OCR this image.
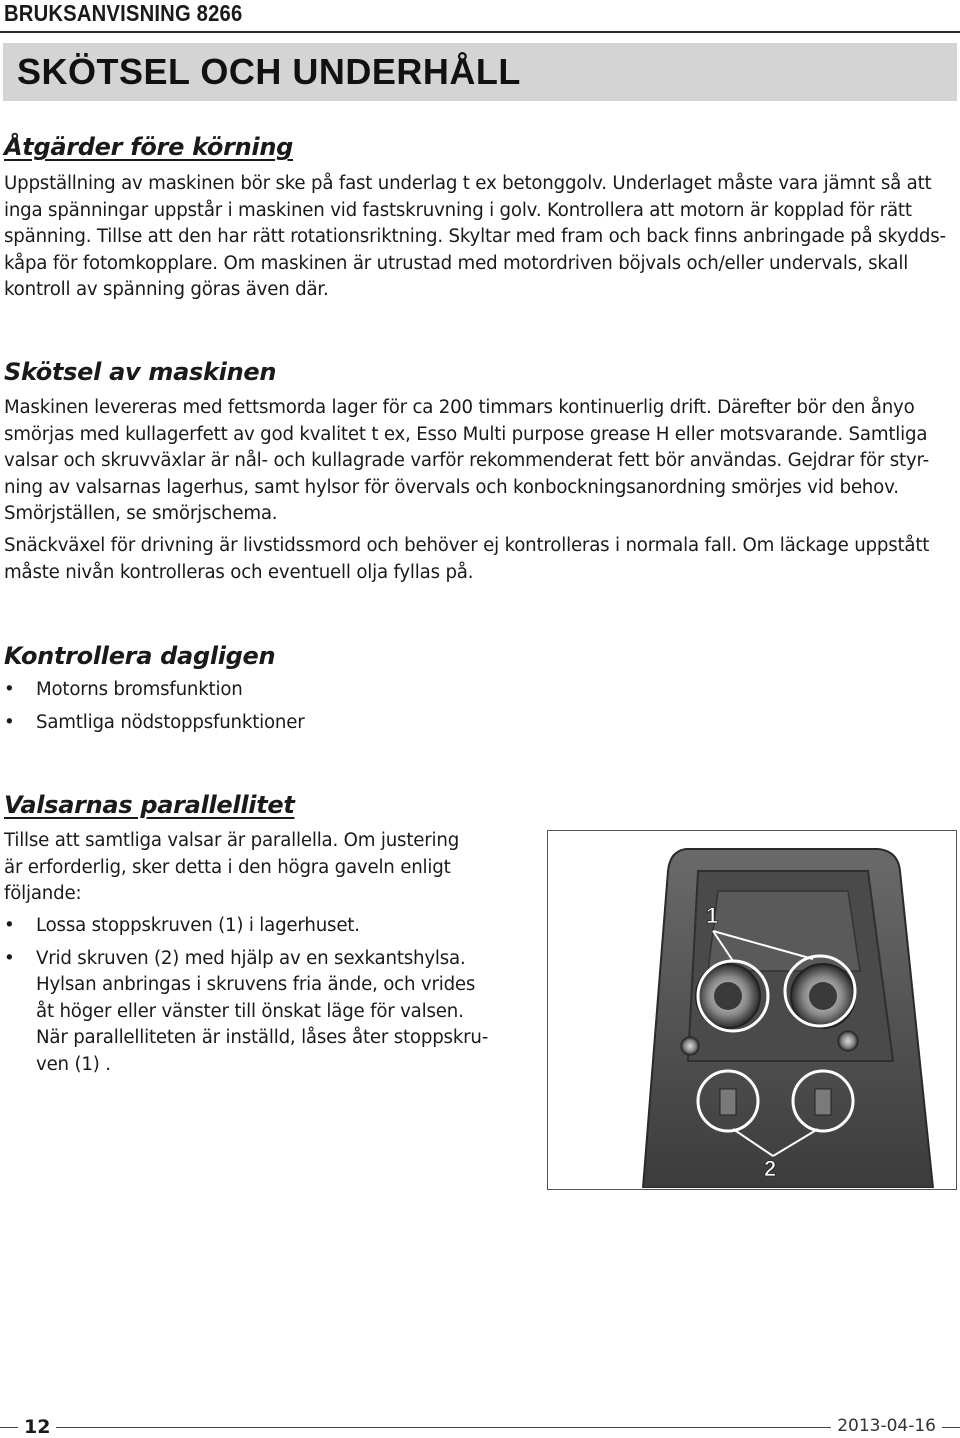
BRUKSANVISNING 8266
SKÖTSEL OCH UNDERHÅLL
Åtgärder före körning
Uppställning av maskinen bör ske på fast underlag t ex betonggolv. Underlaget måste vara jämnt så att
inga spänningar uppstår i maskinen vid fastskruvning i golv. Kontrollera att motorn är kopplad för rätt
spänning. Tillse att den har rätt rotationsriktning. Skyltar med fram och back finns anbringade på skydds-
kåpa för fotomkopplare. Om maskinen är utrustad med motordriven böjvals och/eller undervals, skall
kontroll av spänning göras även där.
Skötsel av maskinen
Maskinen levereras med fettsmorda lager för ca 200 timmars kontinuerlig drift. Därefter bör den ånyo
smörjas med kullagerfett av god kvalitet t ex, Esso Multi purpose grease H eller motsvarande. Samtliga
valsar och skruvväxlar är nål- och kullagrade varför rekommenderat fett bör användas. Gejdrar för styr-
ning av valsarnas lagerhus, samt hylsor för övervals och konbockningsanordning smörjes vid behov.
Smörjställen, se smörjschema.
Snäckväxel för drivning är livstidssmord och behöver ej kontrolleras i normala fall. Om läckage uppstått
måste nivån kontrolleras och eventuell olja fyllas på.
Kontrollera dagligen
• Motorns bromsfunktion
• Samtliga nödstoppsfunktioner
Valsarnas parallellitet
Tillse att samtliga valsar är parallella. Om justering
är erforderlig, sker detta i den högra gaveln enligt
följande:
• Lossa stoppskruven (1) i lagerhuset.
• Vrid skruven (2) med hjälp av en sexkantshylsa.
Hylsan anbringas i skruvens fria ände, och vrides
åt höger eller vänster till önskat läge för valsen.
När parallelliteten är inställd, låses åter stoppskru-
ven (1) .
1
2
12	2013-04-16
